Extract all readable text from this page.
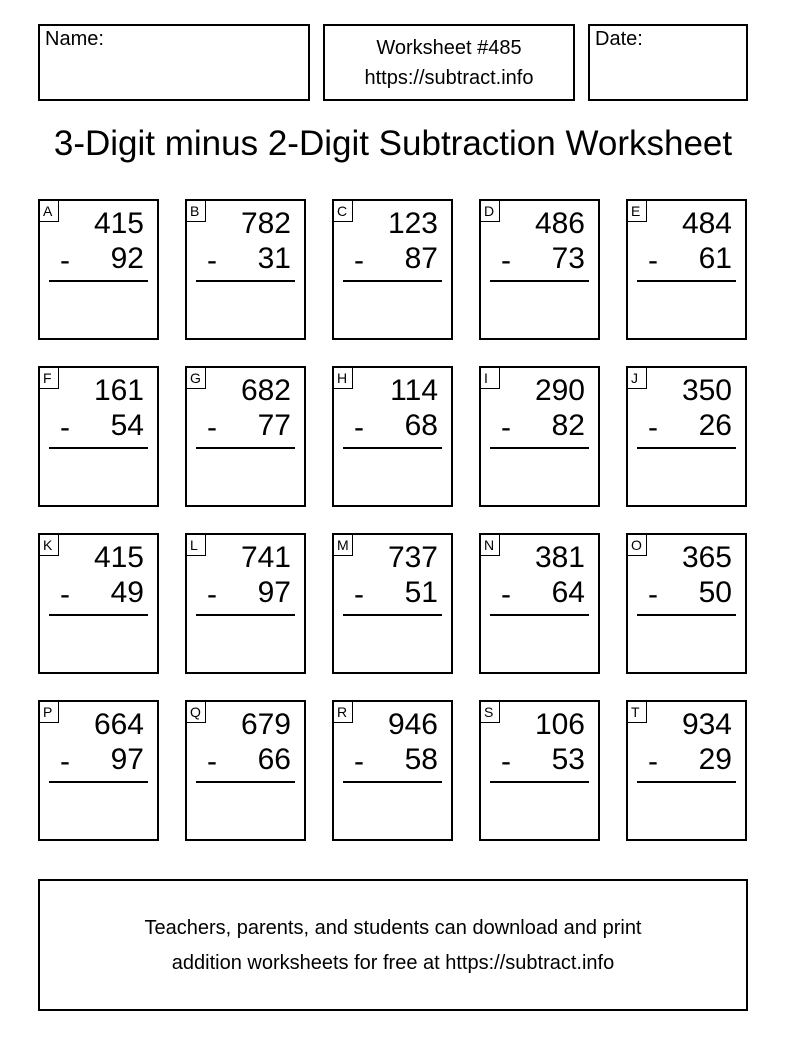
Name:	Worksheet #485
https://subtract.info
Date:
3-Digit minus 2-Digit Subtraction Worksheet
A 415
- 92
B 782
- 31
C 123
- 87
D 486
- 73
E 484
- 61
F 161
- 54
G 682
- 77
H 114
- 68
I	290
- 82
J	350
- 26
K 415
- 49
L 741
- 97
M 737
- 51
N 381
- 64
O 365
- 50
P 664
- 97
Q 679
- 66
R 946
- 58
S 106
- 53
T 934
- 29
Teachers, parents, and students can download and print
addition worksheets for free at https://subtract.info
